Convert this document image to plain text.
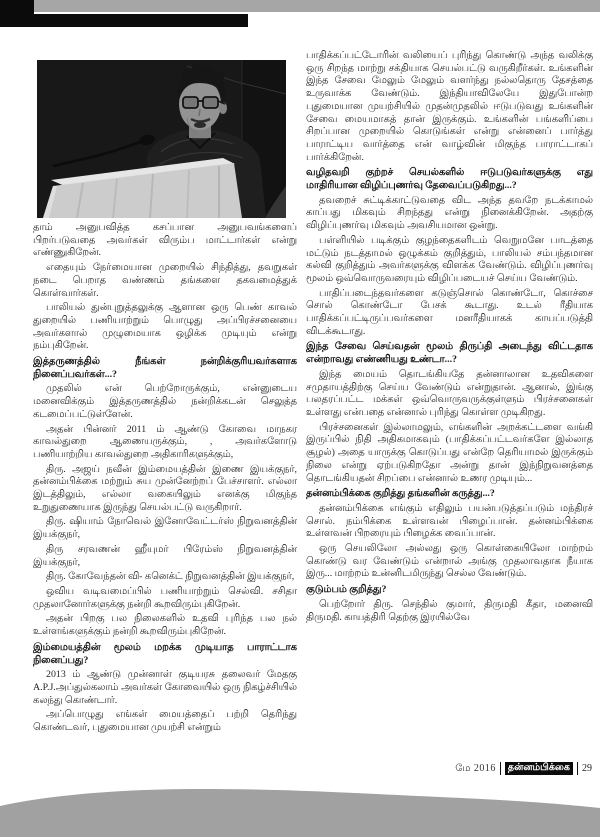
தாம் அனுபவித்த கசப்பான அனுபவங்களைப் பிறர்படுவதை அவர்கள் விரும்ப மாட்டார்கள் என்று எண்ணுகிறேன்.

எதையும் நேர்மையான முறையில் சிந்தித்து, தவறுகள் நடை பெறாத வண்ணம் தங்களை தகவமைத்துக் கொள்வார்கள்.

பாலியல் துன்புறுத்தலுக்கு ஆளான ஒரு பெண் காவல் துறையில் பணியாற்றும் பொழுது அப்பிரச்சனையை அவர்களால் முழுமையாக ஒழிக்க முடியும் என்று நம்புகிறேன்.

இத்தருணத்தில் நீங்கள் நன்றிக்குரியவர்களாக நினைப்பவர்கள்...?

முதலில் என் பெற்றோருக்கும், என்னுடைய மனைவிக்கும் இத்தருணத்தில் நன்றிக்கடன் செலுத்த கடமைப்பட்டுள்ளேன்.

அதன் பின்னர் 2011 ம் ஆண்டு கோவை மாநகர காவல்துறை ஆணையருக்கும், , அவர்களோடு பணியாற்றிய காவல்துறை அதிகாரிகளுக்கும்,

திரு. அஜய் நவீன் இம்மையத்தின் இணை இயக்குநர், தன்னம்பிக்கை மற்றும் சுய முன்னேற்றப் பேச்சாளர். எல்லா இடத்திலும், எல்லா வகையிலும் எனக்கு மிகுந்த உறுதுணையாக இருந்து செயல்பட்டு வருகிறார்.

திரு. ஷியாம் நோவெல் இனோவேட்டர்ஸ் நிறுவனத்தின் இயக்குநர்,

திரு சரவணன் ஹீயுமர் பிரேம்ஸ் நிறுவனத்தின் இயக்குநர்,

திரு. கோவேந்தன் வி- கனெக்ட் நிறுவனத்தின் இயக்குநர்,

ஒவிய வடிவமைப்பில் பணியாற்றும் செல்வி. சசிதா முதலானோர்களுக்கு நன்றி கூறவிரும்புகிறேன்.

அதன் பிறகு பல நிலைகளில் உதவி புரிந்த பல நல் உள்ளங்களுக்கும் நன்றி கூறவிரும்புகிறேன்.

இம்மையத்தின் மூலம் மறக்க முடியாத பாராட்டாக நினைப்பது?

2013 ம் ஆண்டு முன்னாள் குடியரசு தலைவர் மேதகு A.P.J.அப்துல்கலாம் அவர்கள் கோவையில் ஒரு நிகழ்ச்சியில் கலந்து கொண்டார்.

அப்பொழுது எங்கள் மையத்தைப் பற்றி தெரிந்து கொண்டவர், புதுமையான முயற்சி என்றும்

பாதிக்கப்பட்டோரின் வலியைப் புரிந்து கொண்டு அந்த வலிக்கு ஒரு சிறந்த மாற்று சக்தியாக செயல்பட்டு வருகிறீர்கள். உங்களின் இந்த சேவை மேலும் மேலும் வளர்ந்து நல்லதொரு தேசத்தை உருவாக்க வேண்டும். இந்தியாவிலேயே இதுபோன்ற புதுமையான முயற்சியில் முதன்முதலில் ஈடுபடுவது உங்களின் சேவை மையமாகத் தான் இருக்கும். உங்களின் பங்களிப்பை சிறப்பான முறையில் கொடுங்கள் என்று என்னைப் பார்த்து பாராட்டிய வார்த்தை என் வாழ்வின் மிகுந்த பாராட்டாகப் பார்க்கிறேன்.

வழிதவறி குற்றச் செயல்களில் ஈடுபடுவர்களுக்கு எது மாதிரியான விழிப்புணர்வு தேவைப்படுகிறது...?

தவறைச் சுட்டிக்காட்டுவதை விட அந்த தவறே நடக்காமல் காப்பது மிகவும் சிறந்தது என்று நினைக்கிறேன். அதற்கு விழிப்புணர்வு மிகவும் அவசியமான ஒன்று.

பள்ளியில் படிக்கும் குழந்தைகளிடம் வெறுமனே பாடத்தை மட்டும் நடத்தாமல் ஒழுக்கம் குறித்தும், பாலியல் சம்பந்தமான கல்வி குறித்தும் அவர்களுக்கு விளக்க வேண்டும். விழிப்புணர்வு மூலம் ஒவ்வொருவரையும் விழிப்படையச் செய்ய வேண்டும்.

பாதிப்படைந்தவர்களை கடுஞ்சொல் கொண்டோ, கொச்சை சொல் கொண்டோ பேசக் கூடாது. உடல் ரீதியாக பாதிக்கப்பட்டிருப்பவர்களை மனரீதியாகக் காயப்படுத்தி விடக்கூடாது.

இந்த சேவை செய்வதன் மூலம் திருப்தி அடைந்து விட்டதாக என்றாவது எண்ணியது உண்டா...?

இந்த மையம் தொடங்கியதே தன்னாலான உதவிகளை சமுதாயத்திற்கு செய்ய வேண்டும் என்றுதான். ஆனால், இங்கு பலதரப்பட்ட மக்கள் ஒவ்வொருவருக்குள்ளும் பிரச்சனைகள் உள்ளது என்பதை என்னால் புரிந்து கொள்ள முடிகிறது.

பிரச்சனைகள் இல்லாமலும், எங்களின் அறக்கட்டளை வங்கி இருப்பில் நிதி அதிகமாகவும் (பாதிக்கப்பட்டவர்களே இல்லாத சூழல்) அதை யாருக்கு கொடுப்பது என்றே தெரியாமல் இருக்கும் நிலை என்று ஏற்படுகிறதோ அன்று தான் இந்நிறுவனத்தை தொடங்கியதன் சிறப்பை என்னால் உணர முடியும்...

தன்னம்பிக்கை குறித்து தங்களின் கருத்து...?

தன்னம்பிக்கை எங்கும் எதிலும் பயன்படுத்தப்படும் மந்திரச் சொல். நம்பிக்கை உள்ளவன் பிழைப்பான். தன்னம்பிக்கை உள்ளவன் பிறரையும் பிழைக்க வைப்பான்.

ஒரு செயலிலோ அல்லது ஒரு கொள்கையிலோ மாற்றம் கொண்டு வர வேண்டும் என்றால் அங்கு முதலாவதாக நீயாக இரு... மாற்றம் உன்னிடமிருந்து செல்ல வேண்டும்.

குடும்பம் குறித்து?

பெற்றோர் திரு. செந்தில் குமார், திருமதி கீதா, மனைவி திருமதி. காயத்திரி தெற்கு இரயில்வே

மே 2016	தன்னம்பிக்கை	29
